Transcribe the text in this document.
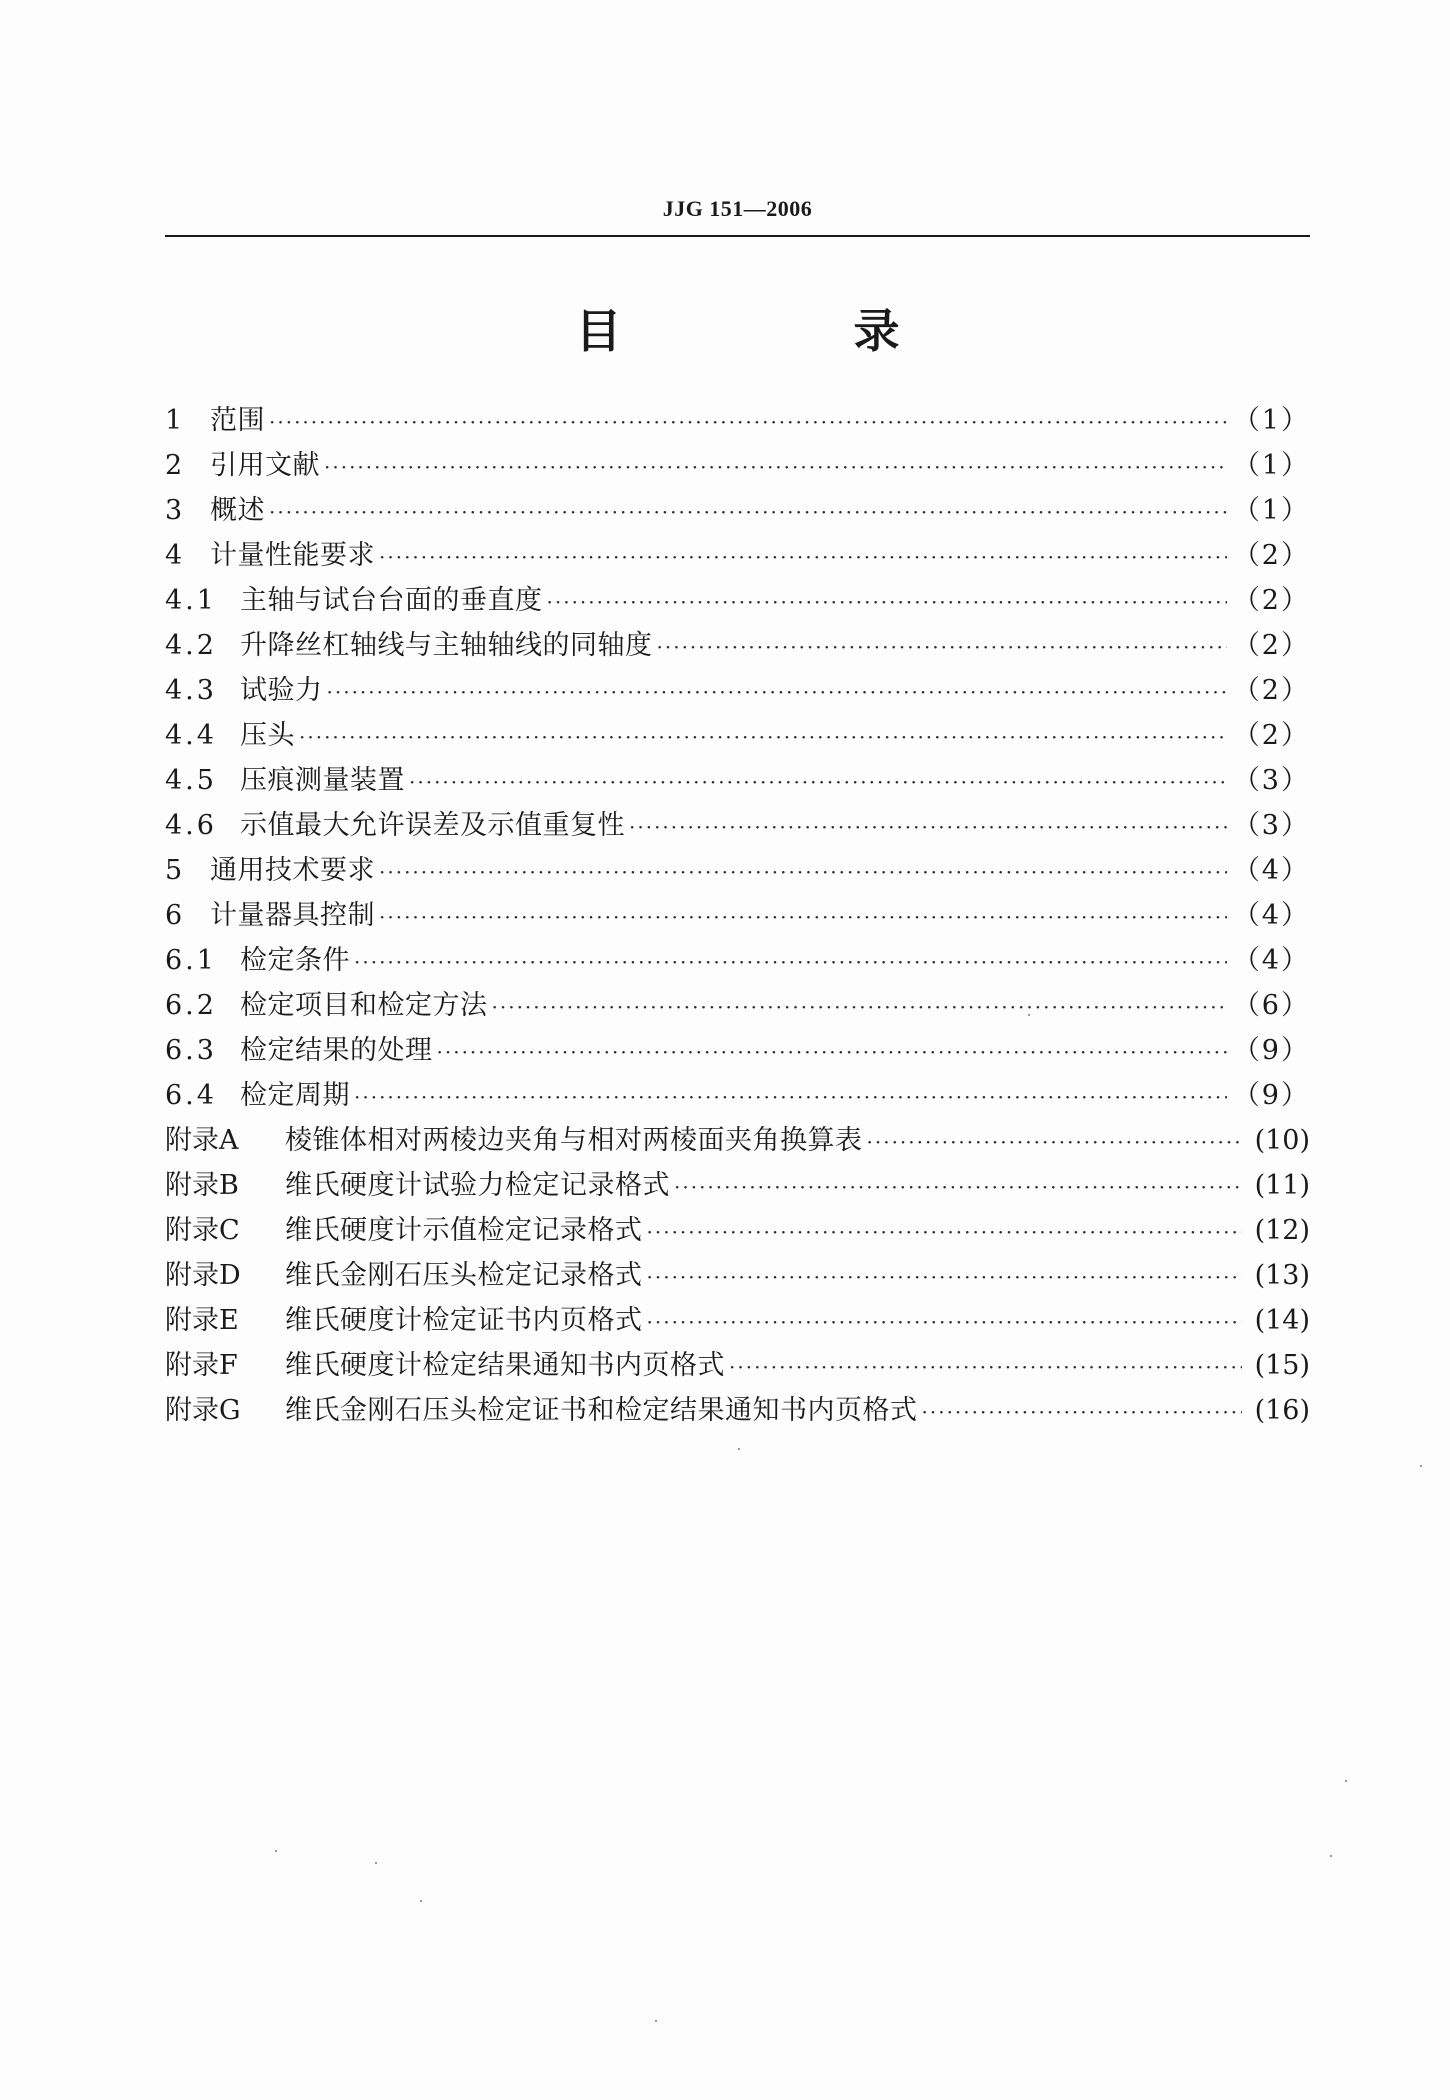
JJG 151—2006
目 录
1	范围 ·····	（1）
2	引用文献 ·····	（1）
3	概述 ·····	（1）
4	计量性能要求 ·····	（2）
4.1 主轴与试台台面的垂直度 ·····	（2）
4.2 升降丝杠轴线与主轴轴线的同轴度 ·····	（2）
4.3 试验力 ·····	（2）
4.4 压头 ·····	（2）
4.5 压痕测量装置 ·····	（3）
4.6 示值最大允许误差及示值重复性 ·····	（3）
5	通用技术要求 ·····	（4）
6	计量器具控制 ·····	（4）
6.1 检定条件 ·····	（4）
6.2 检定项目和检定方法 ·····	（6）
6.3 检定结果的处理 ·····	（9）
6.4 检定周期 ·····	（9）
附录A	棱锥体相对两棱边夹角与相对两棱面夹角换算表 ·····	(10)
附录B	维氏硬度计试验力检定记录格式 ·····	(11)
附录C	维氏硬度计示值检定记录格式 ·····	(12)
附录D	维氏金刚石压头检定记录格式 ·····	(13)
附录E	维氏硬度计检定证书内页格式 ·····	(14)
附录F	维氏硬度计检定结果通知书内页格式 ·····	(15)
附录G	维氏金刚石压头检定证书和检定结果通知书内页格式 ·····	(16)
